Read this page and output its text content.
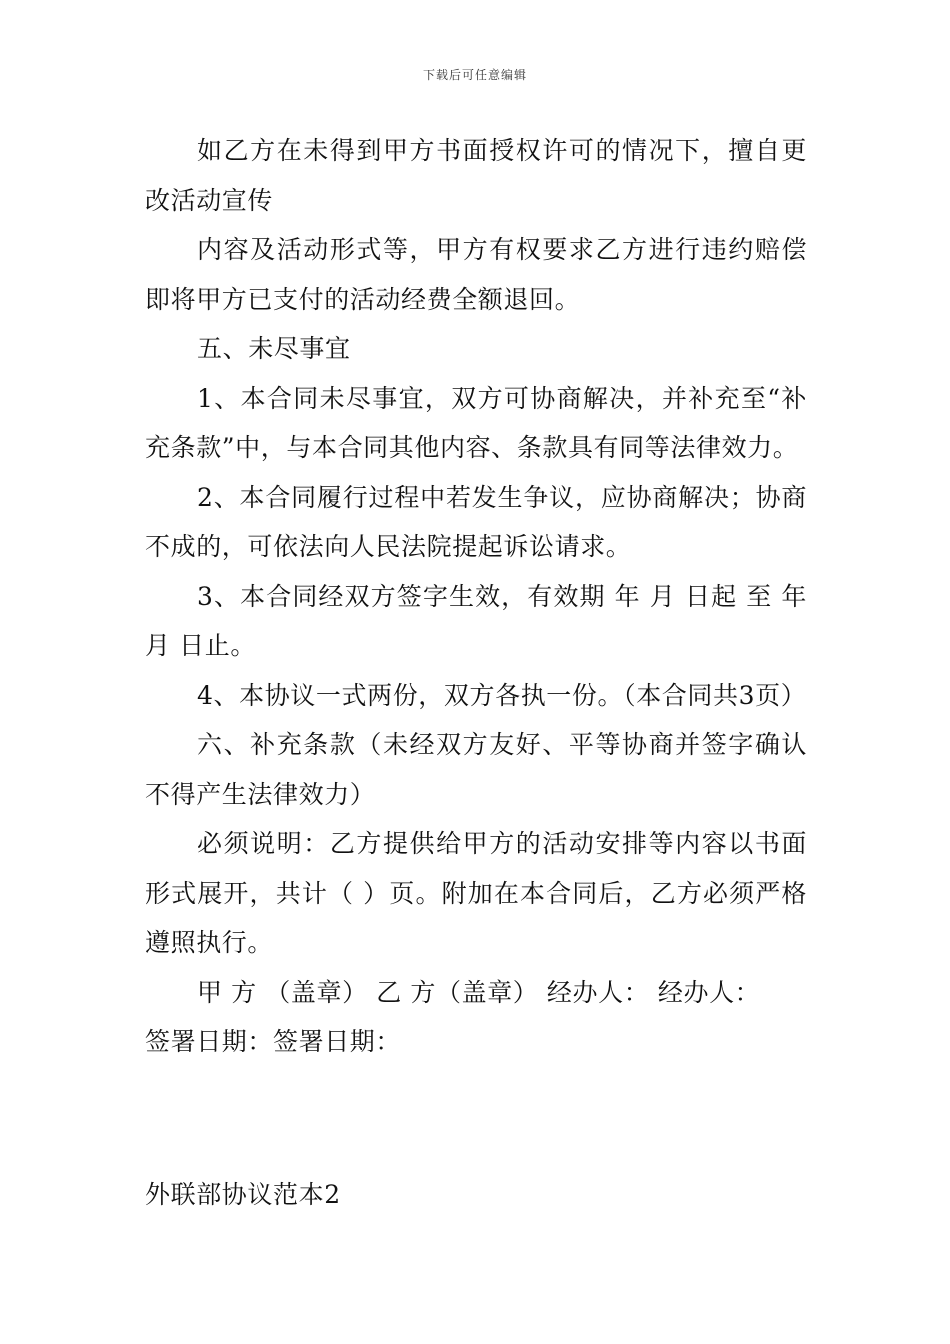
下载后可任意编辑

如乙方在未得到甲方书面授权许可的情况下，擅自更改活动宣传

内容及活动形式等，甲方有权要求乙方进行违约赔偿即将甲方已支付的活动经费全额退回。

五、未尽事宜

1、本合同未尽事宜，双方可协商解决，并补充至“补充条款”中，与本合同其他内容、条款具有同等法律效力。

2、本合同履行过程中若发生争议，应协商解决；协商不成的，可依法向人民法院提起诉讼请求。

3、本合同经双方签字生效，有效期 年 月 日起 至 年 月 日止。

4、本协议一式两份，双方各执一份。（本合同共3页）

六、补充条款（未经双方友好、平等协商并签字确认不得产生法律效力）

必须说明：乙方提供给甲方的活动安排等内容以书面形式展开，共计（ ）页。附加在本合同后，乙方必须严格遵照执行。

甲 方 （盖章） 乙 方（盖章） 经办人： 经办人：

签署日期：签署日期：

外联部协议范本2
